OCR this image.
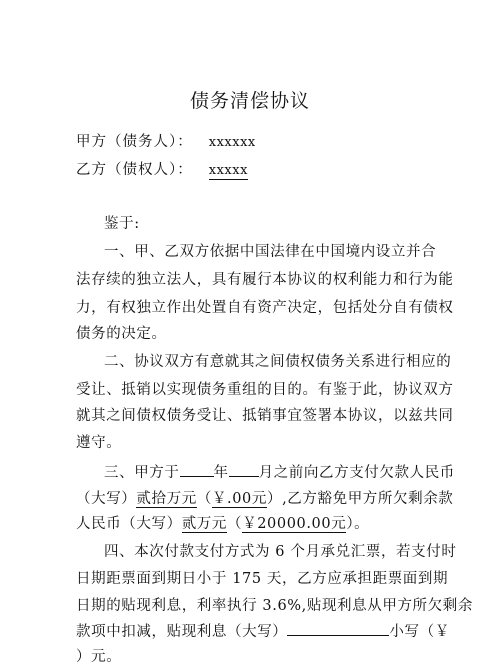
债务清偿协议
甲方（债务人）： xxxxxx
乙方（债权人）： xxxxx
鉴于:
一、甲、乙双方依据中国法律在中国境内设立并合
法存续的独立法人，具有履行本协议的权利能力和行为能
力，有权独立作出处置自有资产决定，包括处分自有债权
债务的决定。
二、协议双方有意就其之间债权债务关系进行相应的
受让、抵销以实现债务重组的目的。有鉴于此，协议双方
就其之间债权债务受让、抵销事宜签署本协议，以兹共同
遵守。
三、甲方于 年 月之前向乙方支付欠款人民币
（大写）贰拾万元（￥.00元）,乙方豁免甲方所欠剩余款
人民币（大写）贰万元（￥20000.00元）。
四、本次付款支付方式为 6 个月承兑汇票，若支付时
日期距票面到期日小于 175 天，乙方应承担距票面到期
日期的贴现利息，利率执行 3.6%,贴现利息从甲方所欠剩余
款项中扣减，贴现利息（大写）	小写（￥
）元。
